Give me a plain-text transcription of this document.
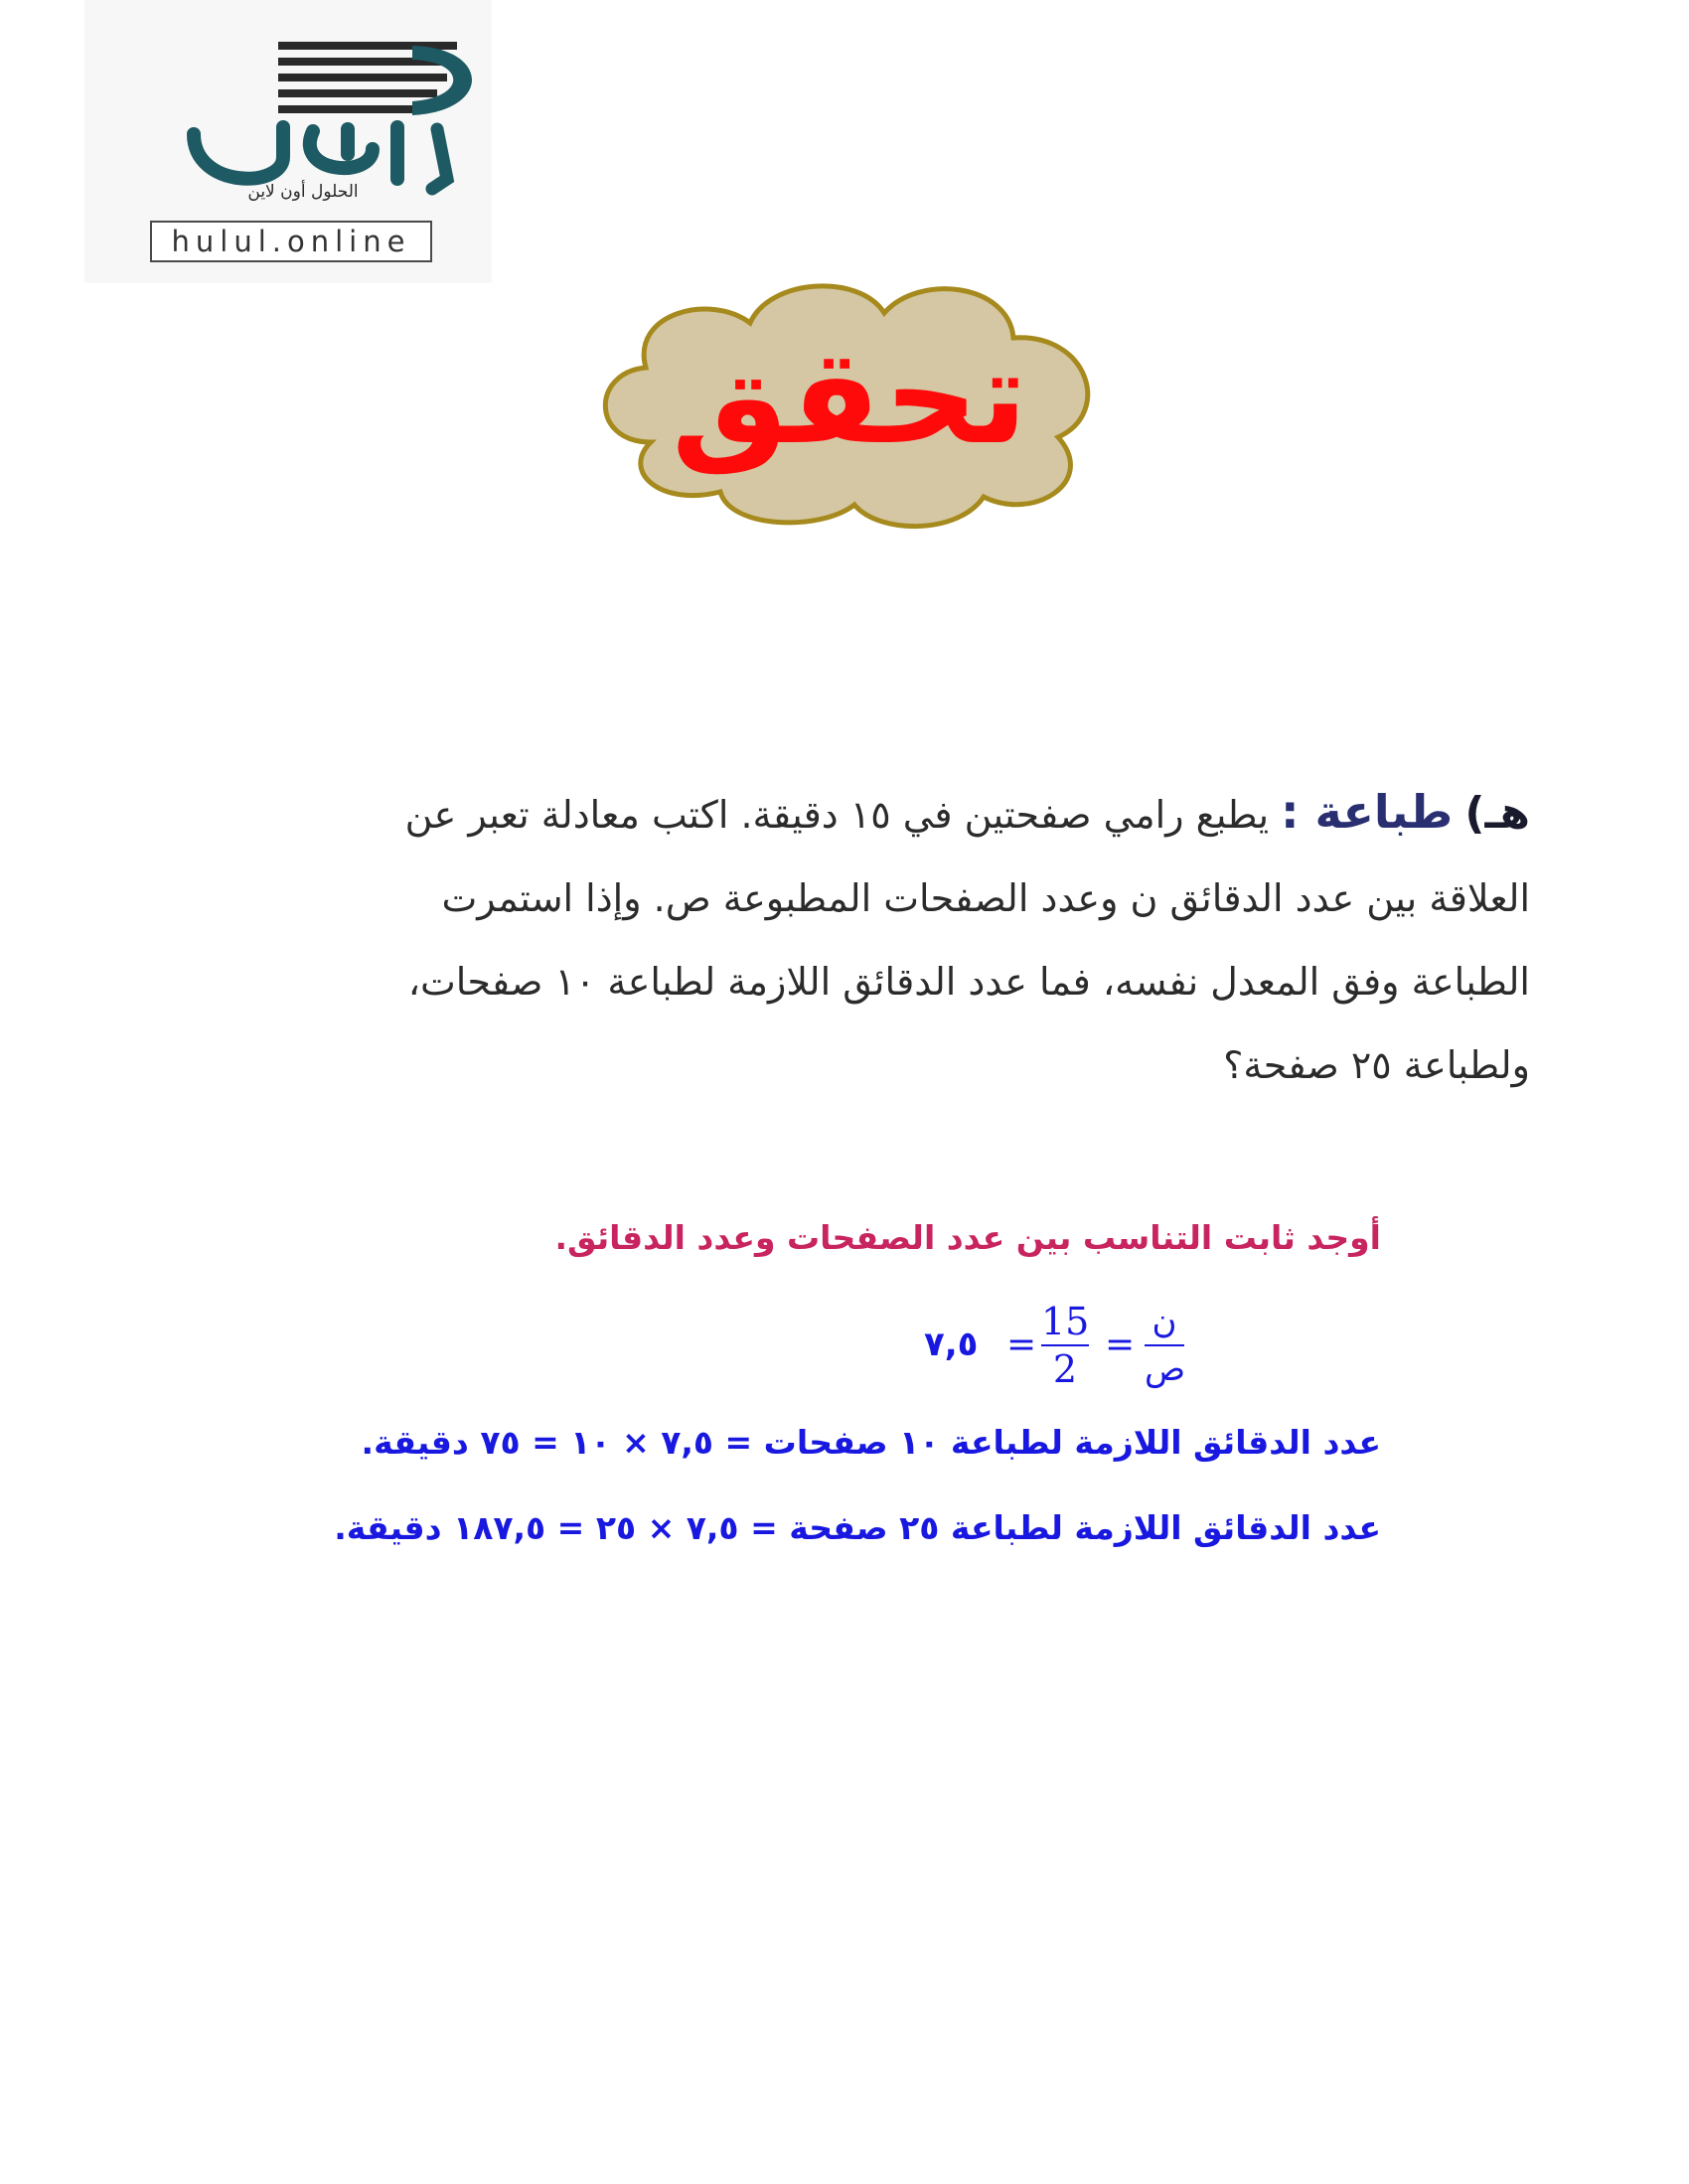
الحلول أون لاين
hulul.online
تحقق

هـ) طباعة : يطبع رامي صفحتين في ١٥ دقيقة. اكتب معادلة تعبر عن

العلاقة بين عدد الدقائق ن وعدد الصفحات المطبوعة ص. وإذا استمرت

الطباعة وفق المعدل نفسه، فما عدد الدقائق اللازمة لطباعة ١٠ صفحات،

ولطباعة ٢٥ صفحة؟

أوجد ثابت التناسب بين عدد الصفحات وعدد الدقائق.
٧,٥ =
15
2
=
ن
ص
عدد الدقائق اللازمة لطباعة ١٠ صفحات = ٧,٥ × ١٠ = ٧٥ دقيقة.
عدد الدقائق اللازمة لطباعة ٢٥ صفحة = ٧,٥ × ٢٥ = ١٨٧,٥ دقيقة.
